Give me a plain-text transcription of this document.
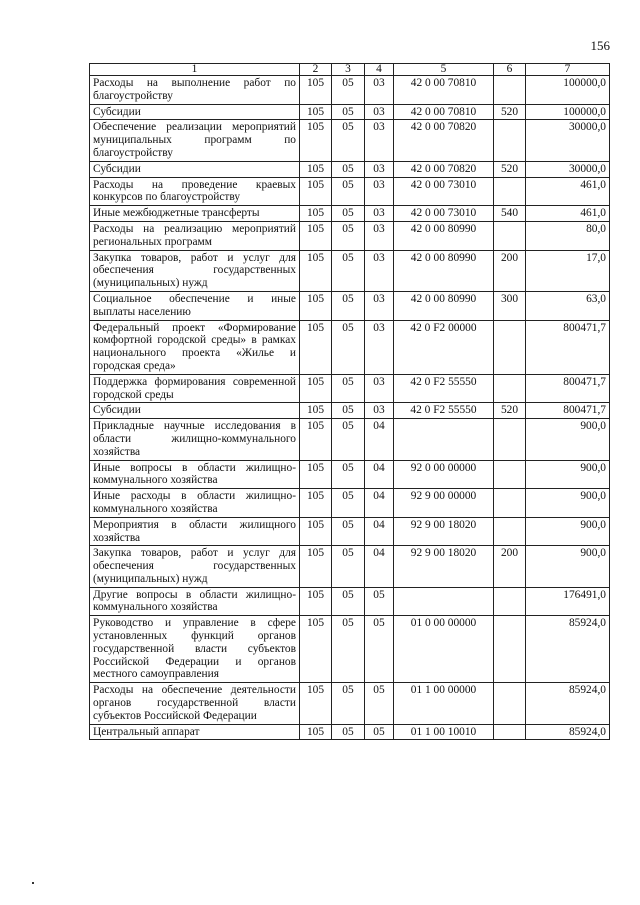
156
1	2	3	4	5	6	7
Расходы на выполнение работ по благоустройству	105	05	03	42 0 00 70810		100000,0
Субсидии	105	05	03	42 0 00 70810	520	100000,0
Обеспечение реализации мероприятий муниципальных программ по благоустройству	105	05	03	42 0 00 70820		30000,0
Субсидии	105	05	03	42 0 00 70820	520	30000,0
Расходы на проведение краевых конкурсов по благоустройству	105	05	03	42 0 00 73010		461,0
Иные межбюджетные трансферты	105	05	03	42 0 00 73010	540	461,0
Расходы на реализацию мероприятий региональных программ	105	05	03	42 0 00 80990		80,0
Закупка товаров, работ и услуг для обеспечения государственных (муниципальных) нужд	105	05	03	42 0 00 80990	200	17,0
Социальное обеспечение и иные выплаты населению	105	05	03	42 0 00 80990	300	63,0
Федеральный проект «Формирование комфортной городской среды» в рамках национального проекта «Жилье и городская среда»	105	05	03	42 0 F2 00000		800471,7
Поддержка формирования современной городской среды	105	05	03	42 0 F2 55550		800471,7
Субсидии	105	05	03	42 0 F2 55550	520	800471,7
Прикладные научные исследования в области жилищно-коммунального хозяйства	105	05	04			900,0
Иные вопросы в области жилищно-коммунального хозяйства	105	05	04	92 0 00 00000		900,0
Иные расходы в области жилищно-коммунального хозяйства	105	05	04	92 9 00 00000		900,0
Мероприятия в области жилищного хозяйства	105	05	04	92 9 00 18020		900,0
Закупка товаров, работ и услуг для обеспечения государственных (муниципальных) нужд	105	05	04	92 9 00 18020	200	900,0
Другие вопросы в области жилищно-коммунального хозяйства	105	05	05			176491,0
Руководство и управление в сфере установленных функций органов государственной власти субъектов Российской Федерации и органов местного самоуправления	105	05	05	01 0 00 00000		85924,0
Расходы на обеспечение деятельности органов государственной власти субъектов Российской Федерации	105	05	05	01 1 00 00000		85924,0
Центральный аппарат	105	05	05	01 1 00 10010		85924,0
